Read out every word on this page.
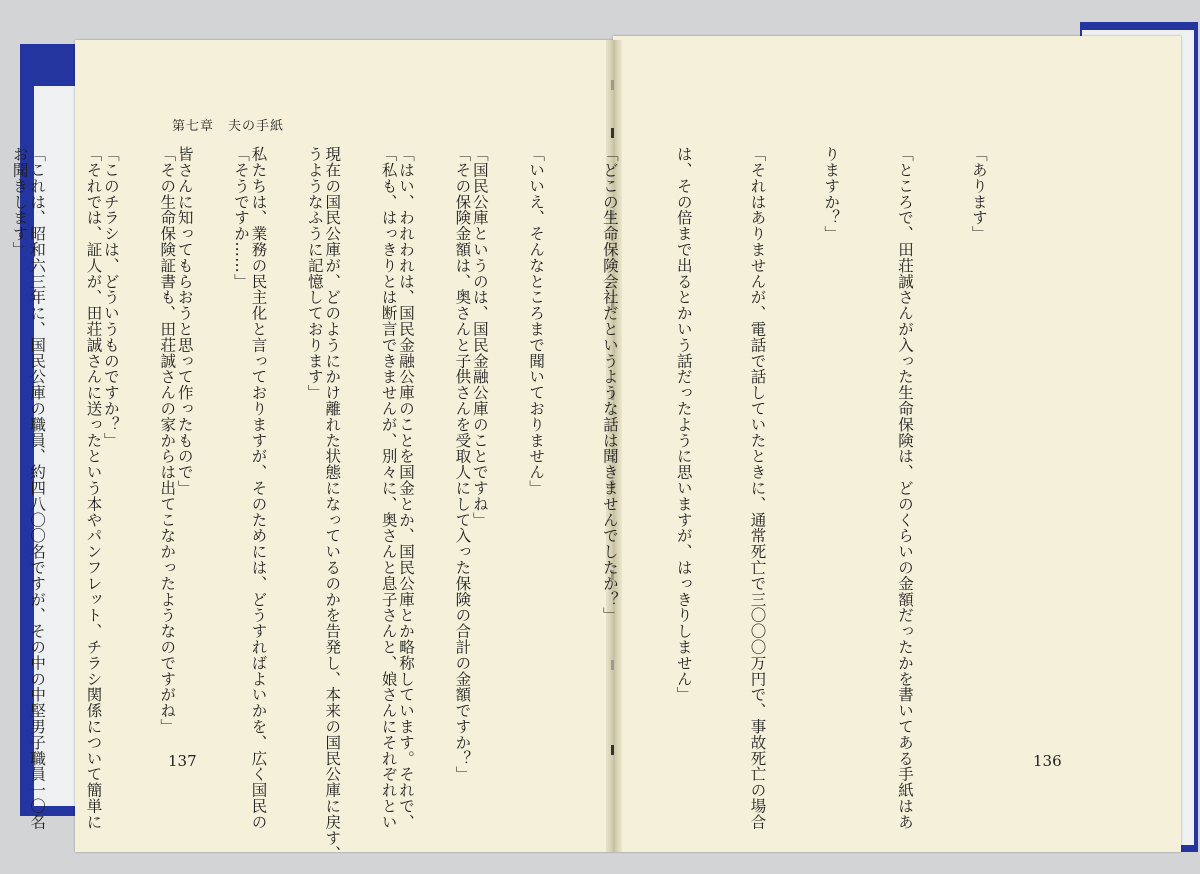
第七章　夫の手紙

「国民公庫というのは、国民金融公庫のことですね」

「はい、われわれは、国民金融公庫のことを国金とか、国民公庫とか略称しています。それで、

現在の国民公庫が、どのようにかけ離れた状態になっているのかを告発し、本来の国民公庫に戻す、

私たちは、業務の民主化と言っておりますが、そのためには、どうすればよいかを、広く国民の

皆さんに知ってもらおうと思って作ったもので」

「このチラシは、どういうものですか？」

「これは、昭和六三年に、国民公庫の職員、約四八〇〇名ですが、その中の中堅男子職員一〇名

	「あります」

「ところで、田荘誠さんが入った生命保険は、どのくらいの金額だったかを書いてある手紙はあ

りますか？」

「それはありませんが、電話で話していたときに、通常死亡で三〇〇〇万円で、事故死亡の場合

は、その倍まで出るとかいう話だったように思いますが、はっきりしません」

「どこの生命保険会社だというような話は聞きませんでしたか？」

「いいえ、そんなところまで聞いておりません」

「その保険金額は、奥さんと子供さんを受取人にして入った保険の合計の金額ですか？」

「私も、はっきりとは断言できませんが、別々に、奥さんと息子さんと、娘さんにそれぞれとい

うようなふうに記憶しております」

「そうですか……」

「その生命保険証書も、田荘誠さんの家からは出てこなかったようなのですがね」

「それでは、証人が、田荘誠さんに送ったという本やパンフレット、チラシ関係について簡単に

お聞きします」

137	136
